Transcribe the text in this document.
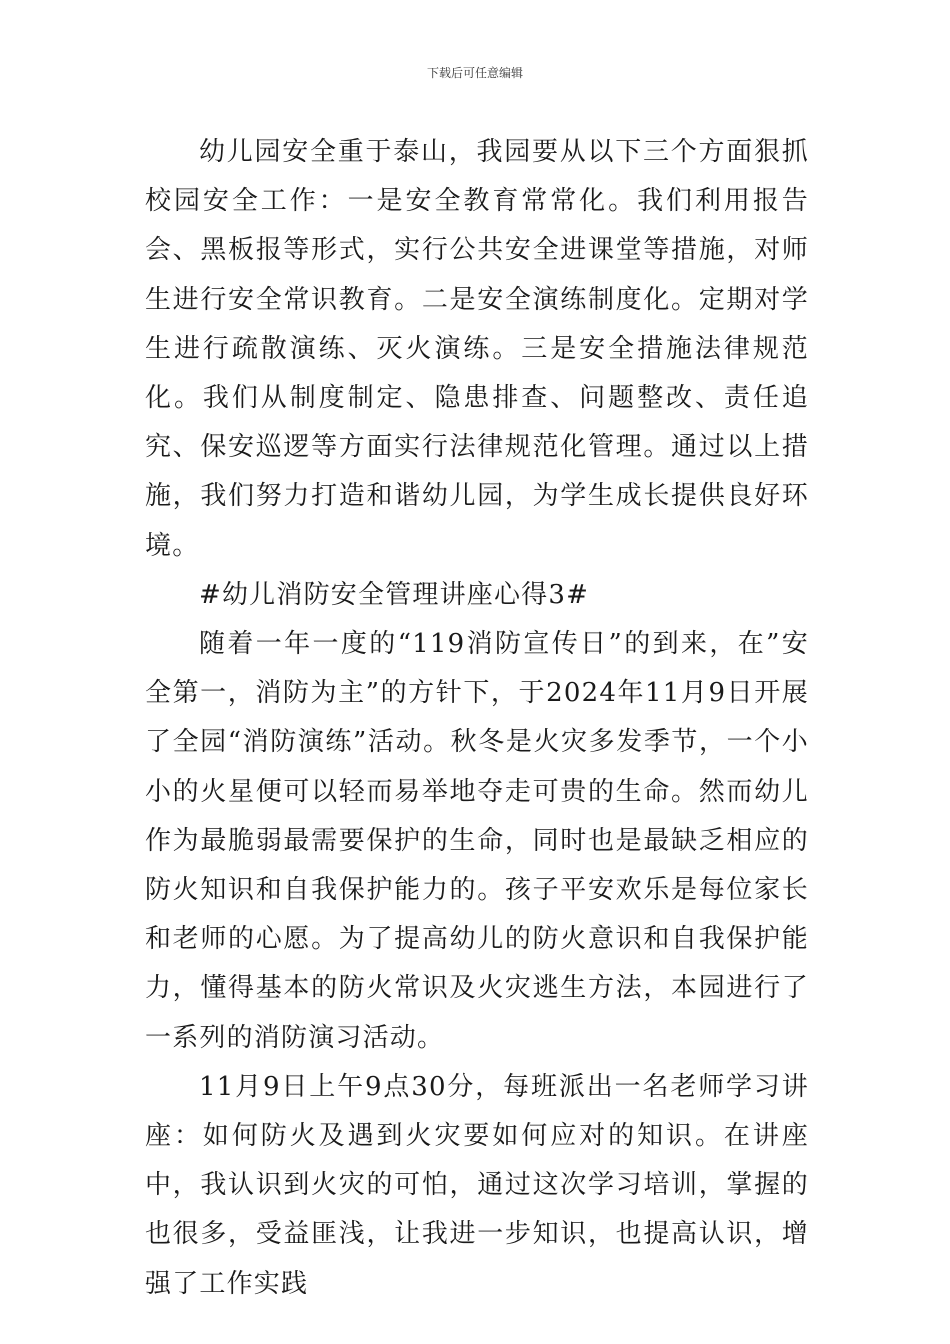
下载后可任意编辑

幼儿园安全重于泰山，我园要从以下三个方面狠抓校园安全工作：一是安全教育常常化。我们利用报告会、黑板报等形式，实行公共安全进课堂等措施，对师生进行安全常识教育。二是安全演练制度化。定期对学生进行疏散演练、灭火演练。三是安全措施法律规范化。我们从制度制定、隐患排查、问题整改、责任追究、保安巡逻等方面实行法律规范化管理。通过以上措施，我们努力打造和谐幼儿园，为学生成长提供良好环境。

#幼儿消防安全管理讲座心得3#

随着一年一度的“119消防宣传日”的到来，在”安全第一，消防为主”的方针下，于2024年11月9日开展了全园“消防演练”活动。秋冬是火灾多发季节，一个小小的火星便可以轻而易举地夺走可贵的生命。然而幼儿作为最脆弱最需要保护的生命，同时也是最缺乏相应的防火知识和自我保护能力的。孩子平安欢乐是每位家长和老师的心愿。为了提高幼儿的防火意识和自我保护能力，懂得基本的防火常识及火灾逃生方法，本园进行了一系列的消防演习活动。

11月9日上午9点30分，每班派出一名老师学习讲座：如何防火及遇到火灾要如何应对的知识。在讲座中，我认识到火灾的可怕，通过这次学习培训，掌握的也很多，受益匪浅，让我进一步知识，也提高认识，增强了工作实践
